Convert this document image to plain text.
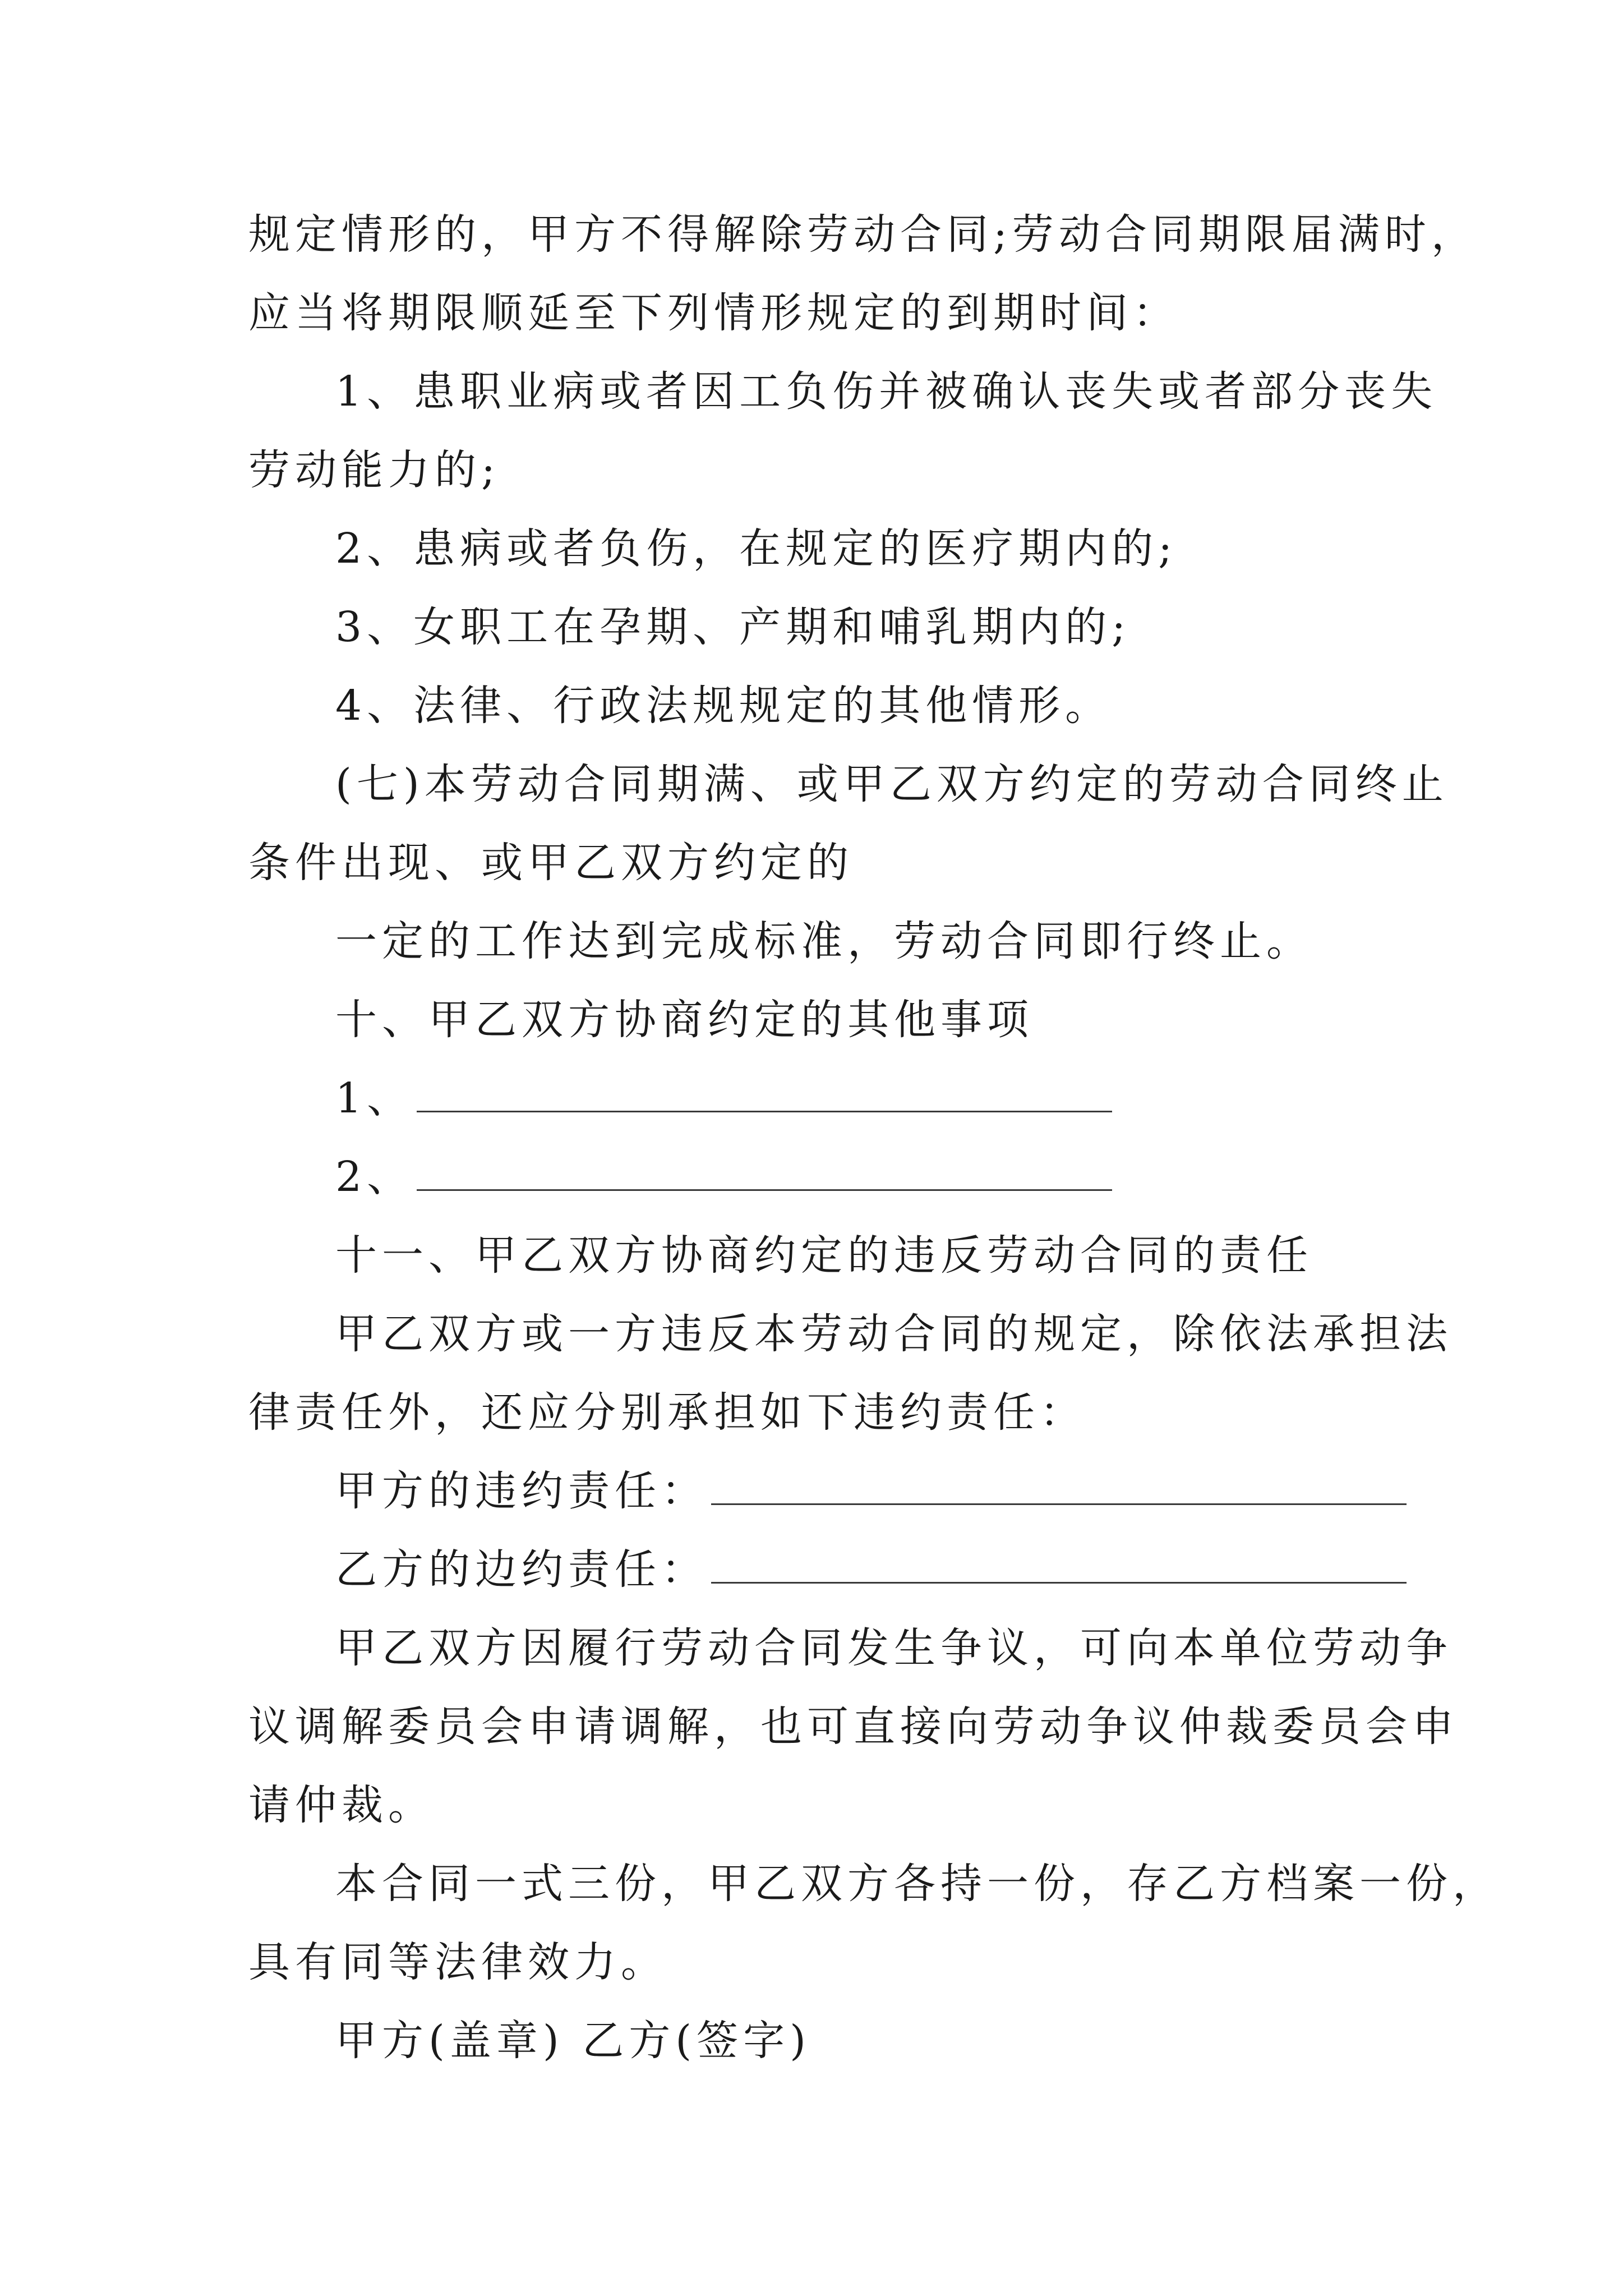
规定情形的，甲方不得解除劳动合同;劳动合同期限届满时，
应当将期限顺延至下列情形规定的到期时间：
1、患职业病或者因工负伤并被确认丧失或者部分丧失
劳动能力的;
2、患病或者负伤，在规定的医疗期内的;
3、女职工在孕期、产期和哺乳期内的;
4、法律、行政法规规定的其他情形。
(七)本劳动合同期满、或甲乙双方约定的劳动合同终止
条件出现、或甲乙双方约定的
一定的工作达到完成标准，劳动合同即行终止。
十、甲乙双方协商约定的其他事项
1、
2、
十一、甲乙双方协商约定的违反劳动合同的责任
甲乙双方或一方违反本劳动合同的规定，除依法承担法
律责任外，还应分别承担如下违约责任：
甲方的违约责任：
乙方的边约责任：
甲乙双方因履行劳动合同发生争议，可向本单位劳动争
议调解委员会申请调解，也可直接向劳动争议仲裁委员会申
请仲裁。
本合同一式三份，甲乙双方各持一份，存乙方档案一份，
具有同等法律效力。
甲方(盖章) 乙方(签字)
